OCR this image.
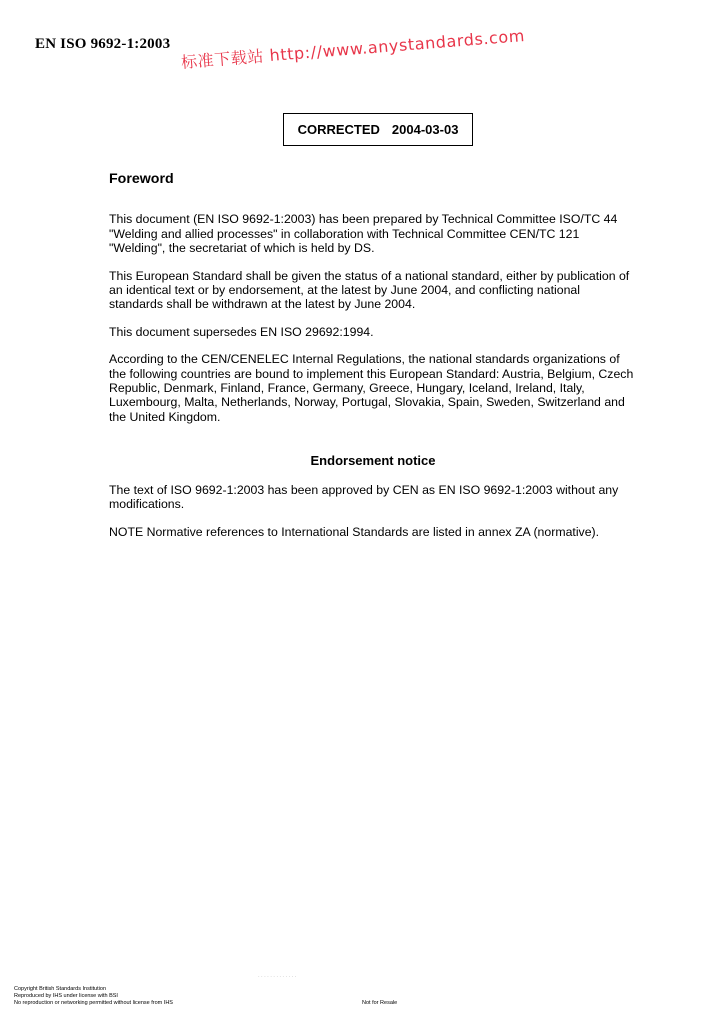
EN ISO 9692-1:2003 标准下载站 http://www.anystandards.com
CORRECTED 2004-03-03
Foreword

This document (EN ISO 9692-1:2003) has been prepared by Technical Committee ISO/TC 44 "Welding and allied processes" in collaboration with Technical Committee CEN/TC 121 "Welding", the secretariat of which is held by DS.

This European Standard shall be given the status of a national standard, either by publication of an identical text or by endorsement, at the latest by June 2004, and conflicting national standards shall be withdrawn at the latest by June 2004.

This document supersedes EN ISO 29692:1994.

According to the CEN/CENELEC Internal Regulations, the national standards organizations of the following countries are bound to implement this European Standard: Austria, Belgium, Czech Republic, Denmark, Finland, France, Germany, Greece, Hungary, Iceland, Ireland, Italy, Luxembourg, Malta, Netherlands, Norway, Portugal, Slovakia, Spain, Sweden, Switzerland and the United Kingdom.

Endorsement notice

The text of ISO 9692-1:2003 has been approved by CEN as EN ISO 9692-1:2003 without any modifications.

NOTE Normative references to International Standards are listed in annex ZA (normative).

· · · · · · · · · · · · ·
Copyright British Standards Institution
Reproduced by IHS under license with BSI
No reproduction or networking permitted without license from IHS	Not for Resale
